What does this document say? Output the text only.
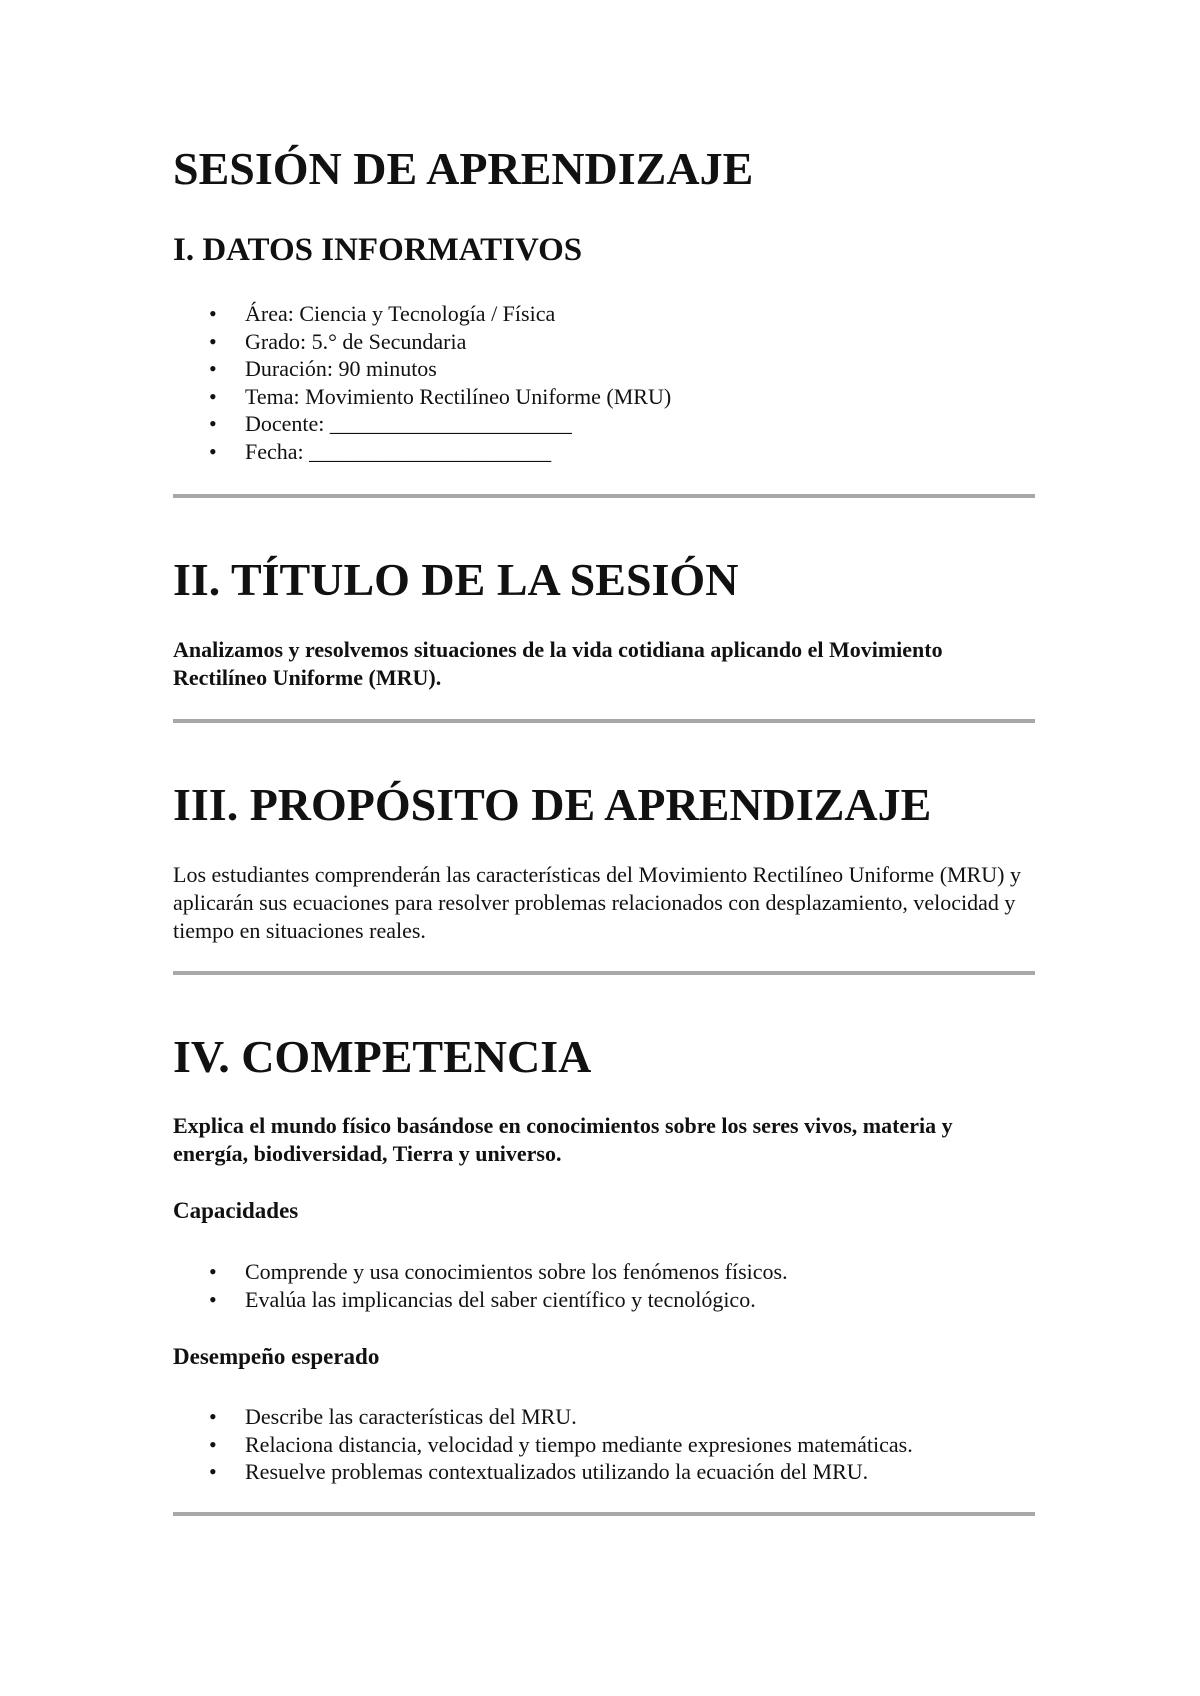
SESIÓN DE APRENDIZAJE
I. DATOS INFORMATIVOS
• Área: Ciencia y Tecnología / Física
• Grado: 5.° de Secundaria
• Duración: 90 minutos
• Tema: Movimiento Rectilíneo Uniforme (MRU)
• Docente: ______________________
• Fecha: ______________________
II. TÍTULO DE LA SESIÓN

Analizamos y resolvemos situaciones de la vida cotidiana aplicando el Movimiento Rectilíneo Uniforme (MRU).

III. PROPÓSITO DE APRENDIZAJE

Los estudiantes comprenderán las características del Movimiento Rectilíneo Uniforme (MRU) y aplicarán sus ecuaciones para resolver problemas relacionados con desplazamiento, velocidad y tiempo en situaciones reales.

IV. COMPETENCIA

Explica el mundo físico basándose en conocimientos sobre los seres vivos, materia y energía, biodiversidad, Tierra y universo.

Capacidades
• Comprende y usa conocimientos sobre los fenómenos físicos.
• Evalúa las implicancias del saber científico y tecnológico.
Desempeño esperado
• Describe las características del MRU.
• Relaciona distancia, velocidad y tiempo mediante expresiones matemáticas.
• Resuelve problemas contextualizados utilizando la ecuación del MRU.
